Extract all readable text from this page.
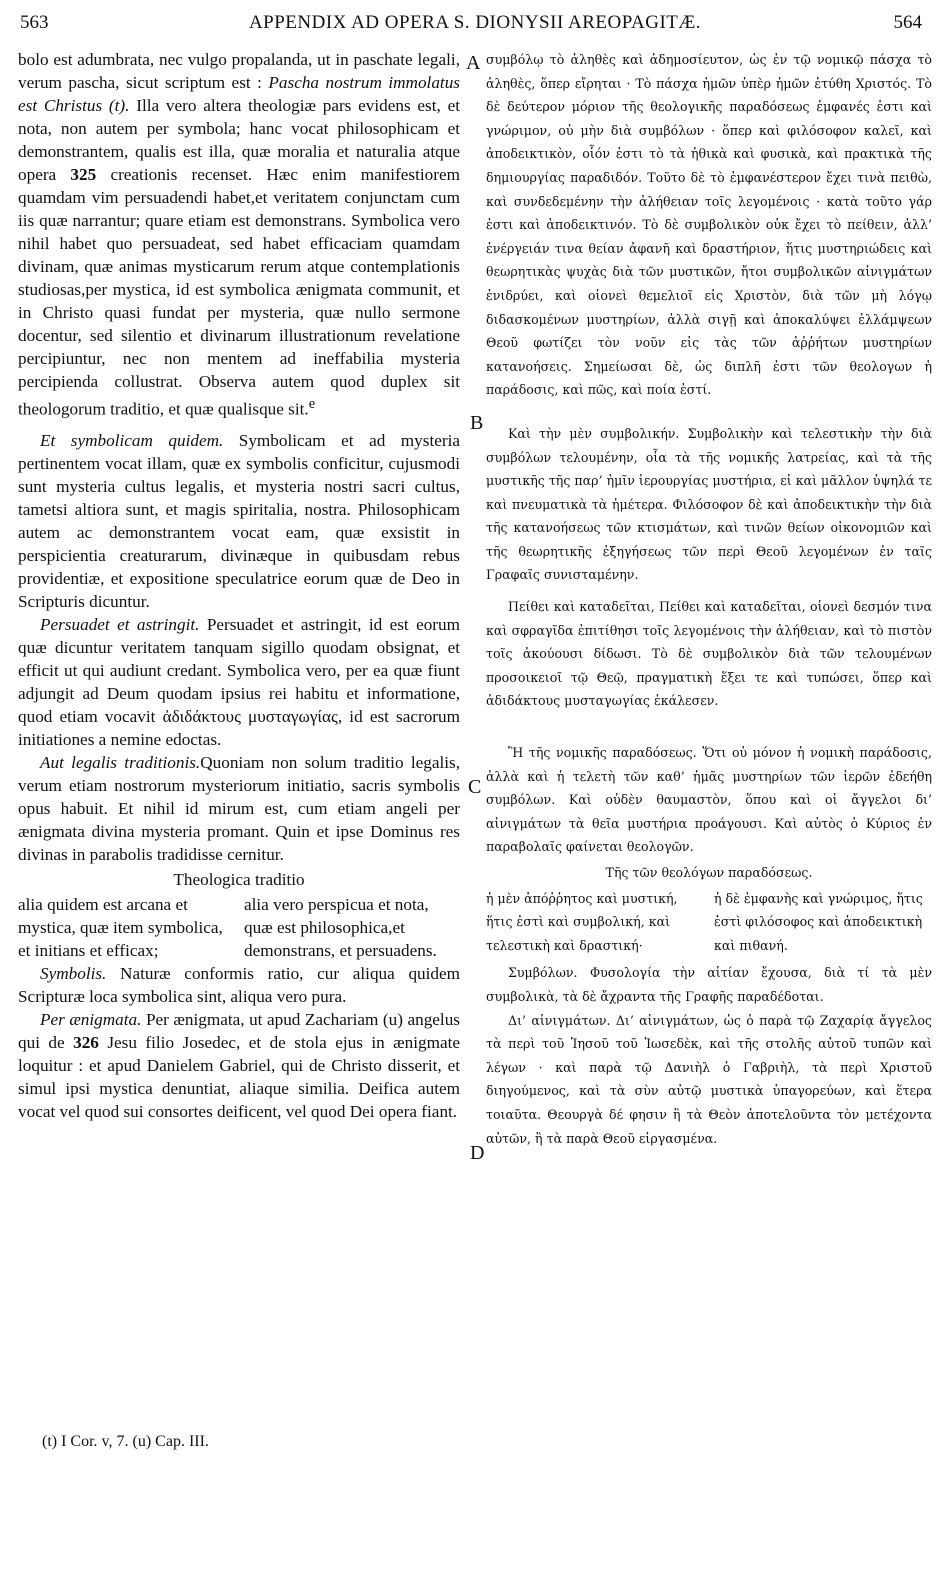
563	APPENDIX AD OPERA S. DIONYSII AREOPAGITÆ.	564

bolo est adumbrata, nec vulgo propalanda, ut in paschate legali, verum pascha, sicut scriptum est : Pascha nostrum immolatus est Christus (t). Illa vero altera theologiæ pars evidens est, et nota, non autem per symbola; hanc vocat philosophicam et demonstrantem, qualis est illa, quæ moralia et naturalia atque opera 325 creationis recenset. Hæc enim manifestiorem quamdam vim persuadendi habet,et veritatem conjunctam cum iis quæ narrantur; quare etiam est demonstrans. Symbolica vero nihil habet quo persuadeat, sed habet efficaciam quamdam divinam, quæ animas mysticarum rerum atque contemplationis studiosas,per mystica, id est symbolica ænigmata communit, et in Christo quasi fundat per mysteria, quæ nullo sermone docentur, sed silentio et divinarum illustrationum revelatione percipiuntur, nec non mentem ad ineffabilia mysteria percipienda collustrat. Observa autem quod duplex sit theologorum traditio, et quæ qualisque sit.$^e$

Et symbolicam quidem. Symbolicam et ad mysteria pertinentem vocat illam, quæ ex symbolis conficitur, cujusmodi sunt mysteria cultus legalis, et mysteria nostri sacri cultus, tametsi altiora sunt, et magis spiritalia, nostra. Philosophicam autem ac demonstrantem vocat eam, quæ exsistit in perspicientia creaturarum, divinæque in quibusdam rebus providentiæ, et expositione speculatrice eorum quæ de Deo in Scripturis dicuntur.

Persuadet et astringit. Persuadet et astringit, id est eorum quæ dicuntur veritatem tanquam sigillo quodam obsignat, et efficit ut qui audiunt credant. Symbolica vero, per ea quæ fiunt adjungit ad Deum quodam ipsius rei habitu et informatione, quod etiam vocavit ἀδιδάκτους μυσταγωγίας, id est sacrorum initiationes a nemine edoctas.

Aut legalis traditionis.Quoniam non solum traditio legalis, verum etiam nostrorum mysteriorum initiatio, sacris symbolis opus habuit. Et nihil id mirum est, cum etiam angeli per ænigmata divina mysteria promant. Quin et ipse Dominus res divinas in parabolis tradidisse cernitur.

Theologica traditio
alia quidem est arcana et mystica, quæ item symbolica, et initians et efficax;
alia vero perspicua et nota, quæ est philosophica,et demonstrans, et persuadens.

Symbolis. Naturæ conformis ratio, cur aliqua quidem Scripturæ loca symbolica sint, aliqua vero pura.

Per ænigmata. Per ænigmata, ut apud Zachariam (u) angelus qui de 326 Jesu filio Josedec, et de stola ejus in ænigmate loquitur : et apud Danielem Gabriel, qui de Christo disserit, et simul ipsi mystica denuntiat, aliaque similia. Deifica autem vocat vel quod sui consortes deificent, vel quod Dei opera fiant.

A
B
C
D

συμβόλῳ τὸ ἀληθὲς καὶ ἀδημοσίευτον, ὡς ἐν τῷ νομικῷ πάσχα τὸ ἀληθὲς, ὅπερ εἴρηται · Τὸ πάσχα ἡμῶν ὑπὲρ ἡμῶν ἐτύθη Χριστός. Τὸ δὲ δεύτερον μόριον τῆς θεολογικῆς παραδόσεως ἐμφανές ἐστι καὶ γνώριμον, οὐ μὴν διὰ συμβόλων · ὅπερ καὶ φιλόσοφον καλεῖ, καὶ ἀποδεικτικὸν, οἷόν ἐστι τὸ τὰ ἠθικὰ καὶ φυσικὰ, καὶ πρακτικὰ τῆς δημιουργίας παραδιδόν. Τοῦτο δὲ τὸ ἐμφανέστερον ἔχει τινὰ πειθὼ, καὶ συνδεδεμένην τὴν ἀλήθειαν τοῖς λεγομένοις · κατὰ τοῦτο γάρ ἐστι καὶ ἀποδεικτινόν. Τὸ δὲ συμβολικὸν οὐκ ἔχει τὸ πείθειν, ἀλλ’ ἐνέργειάν τινα θείαν ἀφανῆ καὶ δραστήριον, ἥτις μυστηριώδεις καὶ θεωρητικὰς ψυχὰς διὰ τῶν μυστικῶν, ἤτοι συμβολικῶν αἰνιγμάτων ἐνιδρύει, καὶ οἱονεὶ θεμελιοῖ εἰς Χριστὸν, διὰ τῶν μὴ λόγῳ διδασκομένων μυστηρίων, ἀλλὰ σιγῇ καὶ ἀποκαλύψει ἐλλάμψεων Θεοῦ φωτίζει τὸν νοῦν εἰς τὰς τῶν ἀῤῥήτων μυστηρίων κατανοήσεις. Σημείωσαι δὲ, ὡς διπλῆ ἐστι τῶν θεολογων ἡ παράδοσις, καὶ πῶς, καὶ ποία ἐστί.

Καὶ τὴν μὲν συμβολικήν. Συμβολικὴν καὶ τελεστικὴν τὴν διὰ συμβόλων τελουμένην, οἷα τὰ τῆς νομικῆς λατρείας, καὶ τὰ τῆς μυστικῆς τῆς παρ’ ἡμῖν ἱερουργίας μυστήρια, εἰ καὶ μᾶλλον ὑψηλά τε καὶ πνευματικὰ τὰ ἡμέτερα. Φιλόσοφον δὲ καὶ ἀποδεικτικὴν τὴν διὰ τῆς κατανοήσεως τῶν κτισμάτων, καὶ τινῶν θείων οἰκονομιῶν καὶ τῆς θεωρητικῆς ἐξηγήσεως τῶν περὶ Θεοῦ λεγομένων ἐν ταῖς Γραφαῖς συνισταμένην.

Πείθει καὶ καταδεῖται, Πείθει καὶ καταδεῖται, οἱονεὶ δεσμόν τινα καὶ σφραγῖδα ἐπιτίθησι τοῖς λεγομένοις τὴν ἀλήθειαν, καὶ τὸ πιστὸν τοῖς ἀκούουσι δίδωσι. Τὸ δὲ συμβολικὸν διὰ τῶν τελουμένων προσοικειοῖ τῷ Θεῷ, πραγματικὴ ἕξει τε καὶ τυπώσει, ὅπερ καὶ ἀδιδάκτους μυσταγωγίας ἐκάλεσεν.

Ἢ τῆς νομικῆς παραδόσεως. Ὅτι οὐ μόνον ἡ νομικὴ παράδοσις, ἀλλὰ καὶ ἡ τελετὴ τῶν καθ’ ἡμᾶς μυστηρίων τῶν ἱερῶν ἐδεήθη συμβόλων. Καὶ οὐδὲν θαυμαστὸν, ὅπου καὶ οἱ ἄγγελοι δι’ αἰνιγμάτων τὰ θεῖα μυστήρια προάγουσι. Καὶ αὐτὸς ὁ Κύριος ἐν παραβολαῖς φαίνεται θεολογῶν.

Τῆς τῶν θεολόγων παραδόσεως.
ἡ μὲν ἀπόῤῥητος καὶ μυστική, ἥτις ἐστὶ καὶ συμβολική, καὶ τελεστικὴ καὶ δραστική·
ἡ δὲ ἐμφανὴς καὶ γνώριμος, ἥτις ἐστὶ φιλόσοφος καὶ ἀποδεικτικὴ καὶ πιθανή.

Συμβόλων. Φυσολογία τὴν αἰτίαν ἔχουσα, διὰ τί τὰ μὲν συμβολικὰ, τὰ δὲ ἄχραντα τῆς Γραφῆς παραδέδοται.

Δι’ αἰνιγμάτων. Δι’ αἰνιγμάτων, ὡς ὁ παρὰ τῷ Ζαχαρίᾳ ἄγγελος τὰ περὶ τοῦ Ἰησοῦ τοῦ Ἰωσεδὲκ, καὶ τῆς στολῆς αὐτοῦ τυπῶν καὶ λέγων · καὶ παρὰ τῷ Δανιὴλ ὁ Γαβριὴλ, τὰ περὶ Χριστοῦ διηγούμενος, καὶ τὰ σὺν αὐτῷ μυστικὰ ὑπαγορεύων, καὶ ἕτερα τοιαῦτα. Θεουργὰ δέ φησιν ἢ τὰ Θεὸν ἀποτελοῦντα τὸν μετέχοντα αὐτῶν, ἢ τὰ παρὰ Θεοῦ εἰργασμένα.

(t) I Cor. v, 7. (u) Cap. III.
